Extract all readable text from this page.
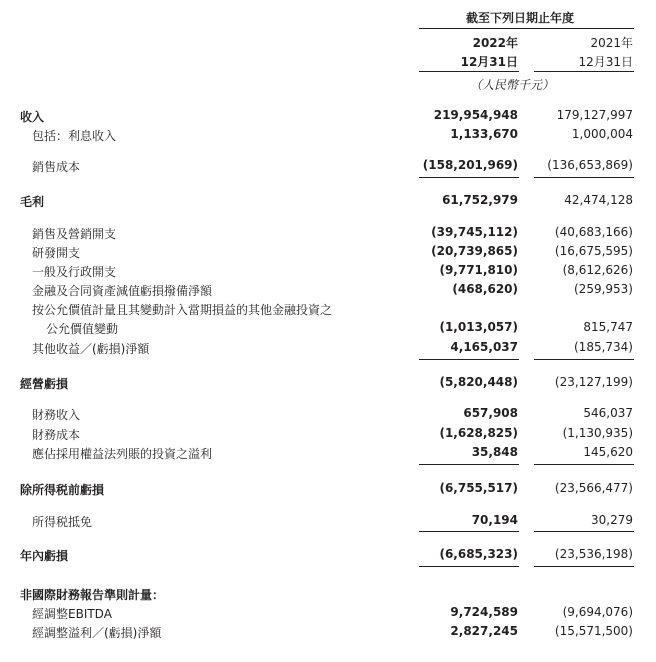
截至下列日期止年度
2022年	2021年
12月31日	12月31日
（人民幣千元）
收入	219,954,948	179,127,997
包括：利息收入	1,133,670	1,000,004
銷售成本	(158,201,969) (136,653,869)
毛利	61,752,979	42,474,128
銷售及營銷開支	(39,745,112)	(40,683,166)
研發開支	(20,739,865)	(16,675,595)
一般及行政開支	(9,771,810)	(8,612,626)
金融及合同資產減值虧損撥備淨額	(468,620)	(259,953)
按公允價值計量且其變動計入當期損益的其他金融投資之
公允價值變動	(1,013,057)	815,747
其他收益／(虧損)淨額	4,165,037	(185,734)
經營虧損	(5,820,448)	(23,127,199)
財務收入	657,908	546,037
財務成本	(1,628,825)	(1,130,935)
應佔採用權益法列賬的投資之溢利	35,848	145,620
除所得税前虧損	(6,755,517)	(23,566,477)
所得税抵免	70,194	30,279
年內虧損	(6,685,323)	(23,536,198)
非國際財務報告準則計量：
經調整EBITDA	9,724,589	(9,694,076)
經調整溢利／(虧損)淨額	2,827,245	(15,571,500)
